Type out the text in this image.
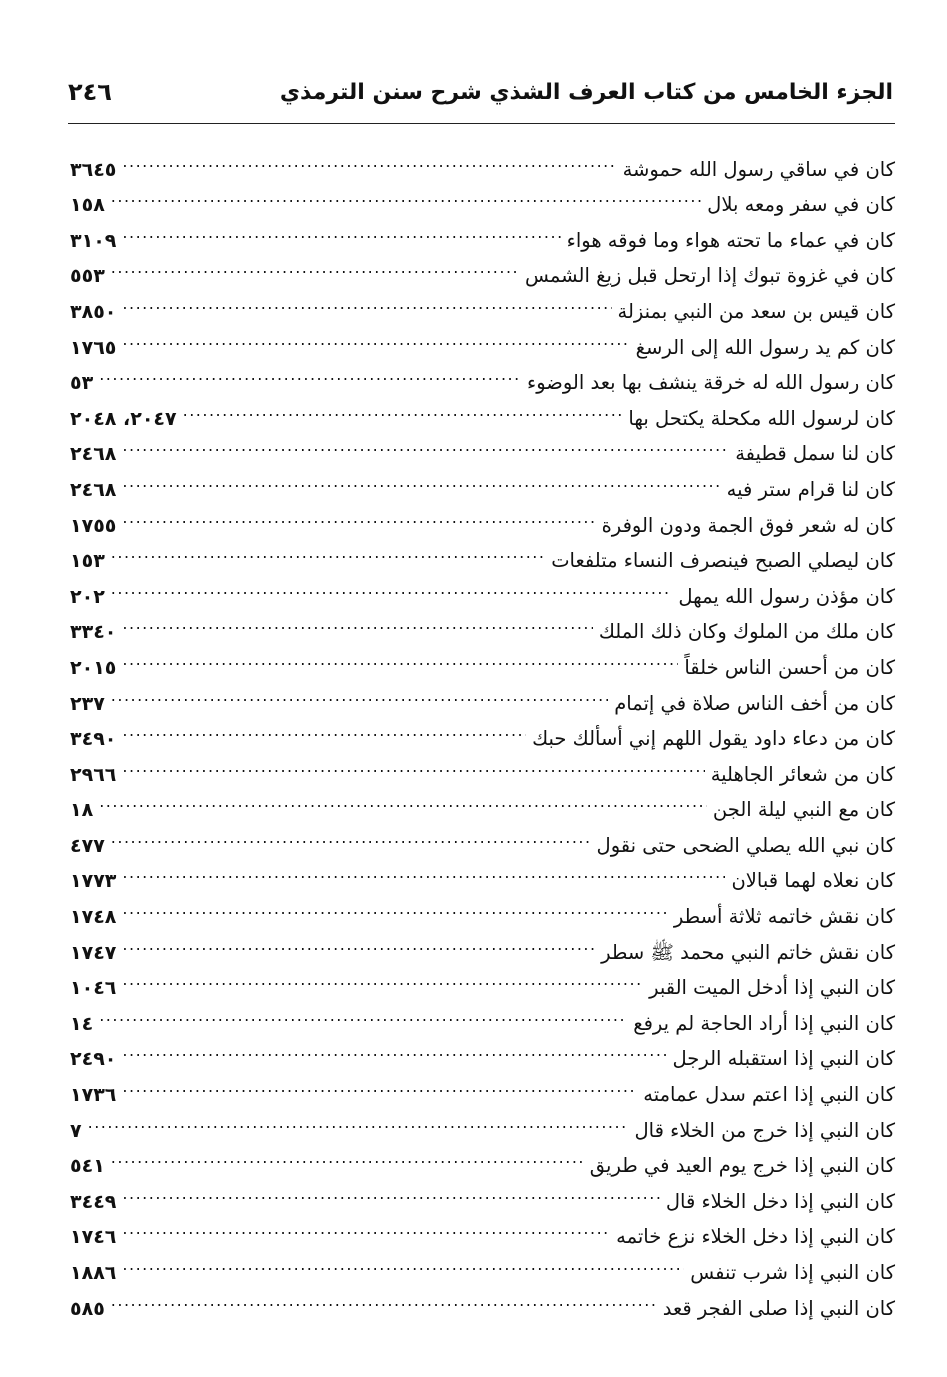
الجزء الخامس من كتاب العرف الشذي شرح سنن الترمذي
٢٤٦
كان في ساقي رسول الله حموشة
.....
٣٦٤٥
كان في سفر ومعه بلال
.....
١٥٨
كان في عماء ما تحته هواء وما فوقه هواء
.....
٣١٠٩
كان في غزوة تبوك إذا ارتحل قبل زيغ الشمس
.....
٥٥٣
كان قيس بن سعد من النبي بمنزلة
.....
٣٨٥٠
كان كم يد رسول الله إلى الرسغ
.....
١٧٦٥
كان رسول الله له خرقة ينشف بها بعد الوضوء
.....
٥٣
كان لرسول الله مكحلة يكتحل بها
.....
٢٠٤٧، ٢٠٤٨
كان لنا سمل قطيفة
.....
٢٤٦٨
كان لنا قرام ستر فيه
.....
٢٤٦٨
كان له شعر فوق الجمة ودون الوفرة
.....
١٧٥٥
كان ليصلي الصبح فينصرف النساء متلفعات
.....
١٥٣
كان مؤذن رسول الله يمهل
.....
٢٠٢
كان ملك من الملوك وكان ذلك الملك
.....
٣٣٤٠
كان من أحسن الناس خلقاً
.....
٢٠١٥
كان من أخف الناس صلاة في إتمام
.....
٢٣٧
كان من دعاء داود يقول اللهم إني أسألك حبك
.....
٣٤٩٠
كان من شعائر الجاهلية
.....
٢٩٦٦
كان مع النبي ليلة الجن
.....
١٨
كان نبي الله يصلي الضحى حتى نقول
.....
٤٧٧
كان نعلاه لهما قبالان
.....
١٧٧٣
كان نقش خاتمه ثلاثة أسطر
.....
١٧٤٨
كان نقش خاتم النبي محمد ﷺ سطر
.....
١٧٤٧
كان النبي إذا أدخل الميت القبر
.....
١٠٤٦
كان النبي إذا أراد الحاجة لم يرفع
.....
١٤
كان النبي إذا استقبله الرجل
.....
٢٤٩٠
كان النبي إذا اعتم سدل عمامته
.....
١٧٣٦
كان النبي إذا خرج من الخلاء قال
.....
٧
كان النبي إذا خرج يوم العيد في طريق
.....
٥٤١
كان النبي إذا دخل الخلاء قال
.....
٣٤٤٩
كان النبي إذا دخل الخلاء نزع خاتمه
.....
١٧٤٦
كان النبي إذا شرب تنفس
.....
١٨٨٦
كان النبي إذا صلى الفجر قعد
.....
٥٨٥
